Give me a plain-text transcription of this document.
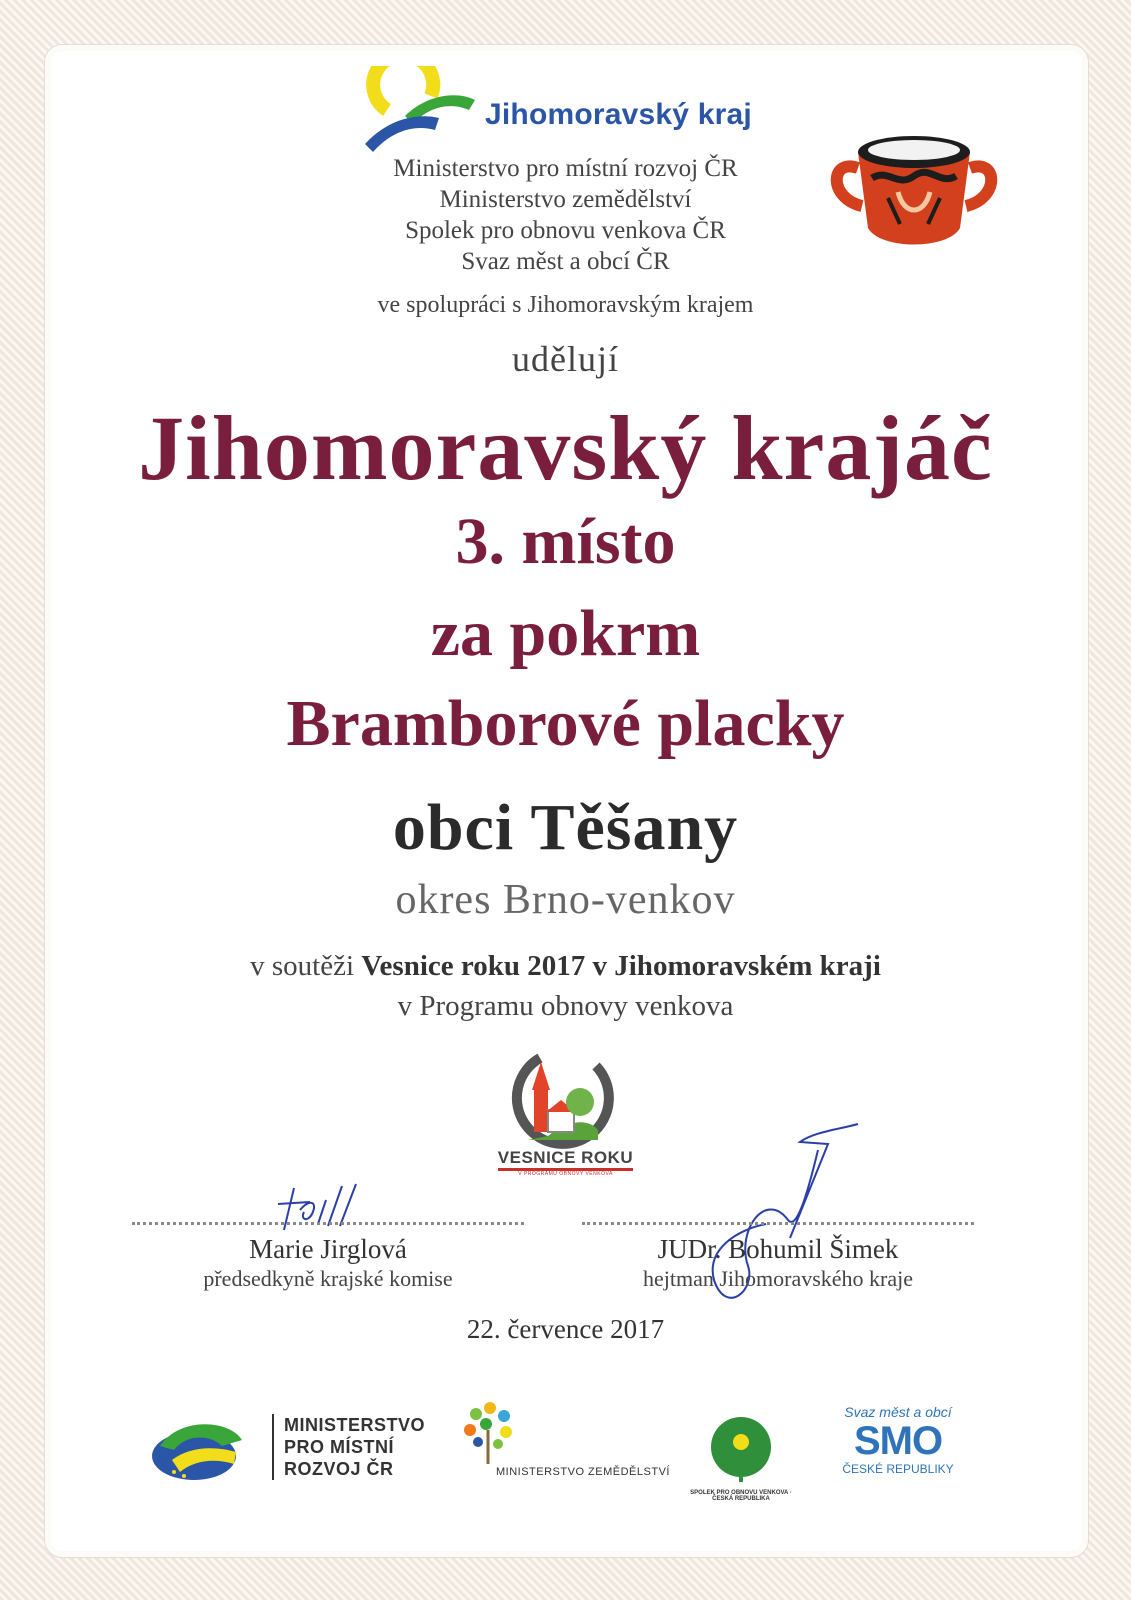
Jihomoravský kraj
Ministerstvo pro místní rozvoj ČR
Ministerstvo zemědělství
Spolek pro obnovu venkova ČR
Svaz měst a obcí ČR
ve spolupráci s Jihomoravským krajem
udělují
Jihomoravský krajáč
3. místo
za pokrm
Bramborové placky
obci Těšany
okres Brno-venkov
v soutěži Vesnice roku 2017 v Jihomoravském kraji
v Programu obnovy venkova
VESNICE ROKU
V PROGRAMU OBNOVY VENKOVA
Marie Jirglová
předsedkyně krajské komise
JUDr. Bohumil Šimek
hejtman Jihomoravského kraje
22. července 2017
MINISTERSTVO
PRO MÍSTNÍ
ROZVOJ ČR	MINISTERSTVO ZEMĚDĚLSTVÍ
SPOLEK PRO OBNOVU VENKOVA · ČESKÁ REPUBLIKA
Svaz měst a obcí
SMO
ČESKÉ REPUBLIKY
